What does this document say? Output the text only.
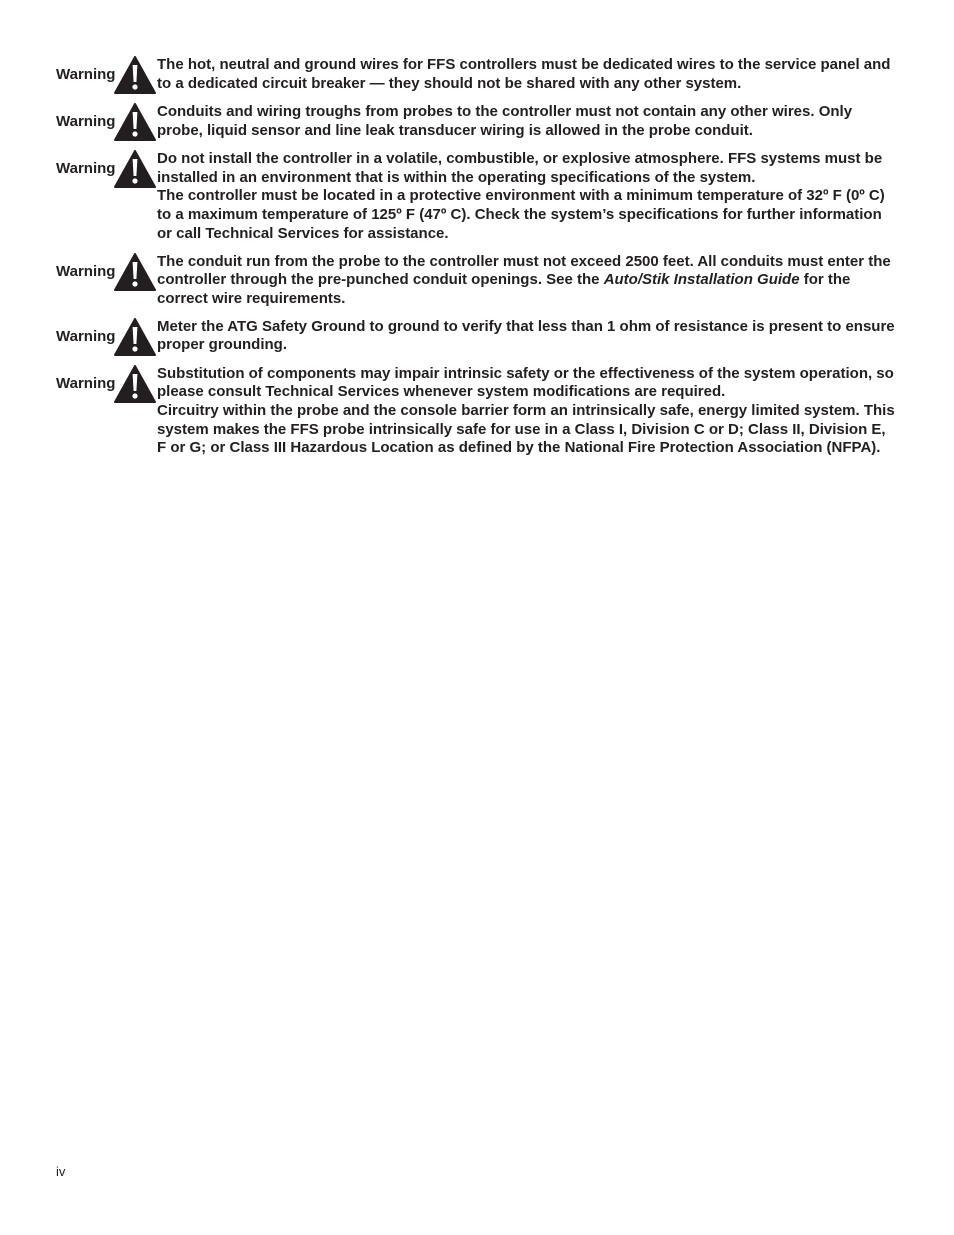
Warning

The hot, neutral and ground wires for FFS controllers must be dedicated wires to the service panel and to a dedicated circuit breaker — they should not be shared with any other system.

Warning

Conduits and wiring troughs from probes to the controller must not contain any other wires. Only probe, liquid sensor and line leak transducer wiring is allowed in the probe conduit.

Warning

Do not install the controller in a volatile, combustible, or explosive atmosphere. FFS systems must be installed in an environment that is within the operating specifications of the system.

The controller must be located in a protective environment with a minimum temperature of 32º F (0º C) to a maximum temperature of 125º F (47º C). Check the system’s specifications for further information or call Technical Services for assistance.

Warning

The conduit run from the probe to the controller must not exceed 2500 feet. All conduits must enter the controller through the pre-punched conduit openings. See the Auto/Stik Installation Guide for the correct wire requirements.

Warning

Meter the ATG Safety Ground to ground to verify that less than 1 ohm of resistance is present to ensure proper grounding.

Warning

Substitution of components may impair intrinsic safety or the effectiveness of the system operation, so please consult Technical Services whenever system modifications are required.

Circuitry within the probe and the console barrier form an intrinsically safe, energy limited system. This system makes the FFS probe intrinsically safe for use in a Class I, Division C or D; Class II, Division E, F or G; or Class III Hazardous Location as defined by the National Fire Protection Association (NFPA).

iv
